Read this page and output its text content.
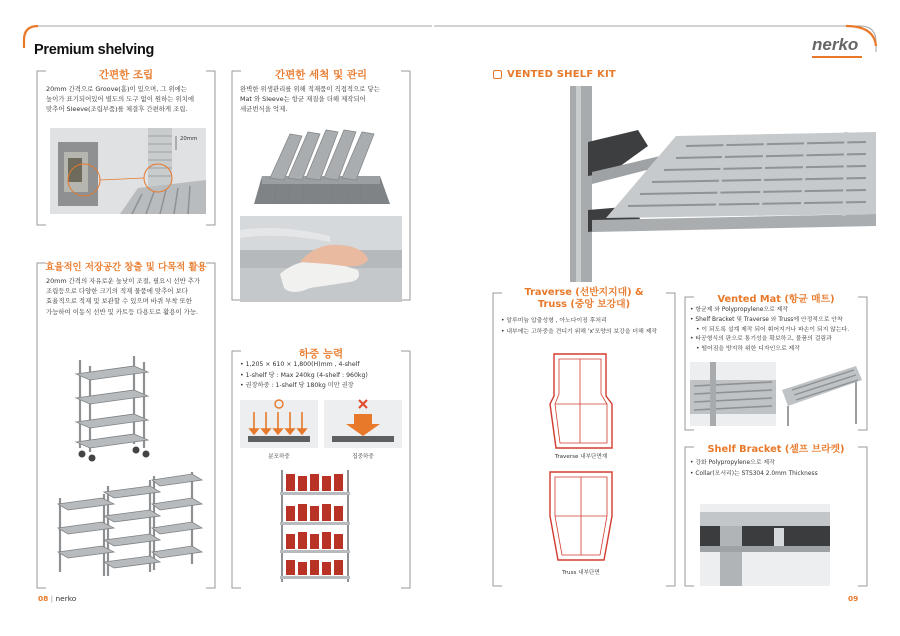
Premium shelving	nerko
간편한 조립
20mm 간격으로 Groove(홈)이 있으며, 그 위에는
높이가 표기되어있어 별도의 도구 없이 원하는 위치에
맞추어 Sleeve(조립부품)를 체결후 간편하게 조립.
20mm
간편한 세척 및 관리
완벽한 위생관리를 위해 적재품이 직접적으로 닿는
Mat 와 Sleeve는 항균 재질을 더해 제작되어
세균번식을 억제.
효율적인 저장공간 창출 및 다목적 활용
20mm 간격의 자유로운 높낮이 조절, 필요시 선반 추가
조립등으로 다양한 크기의 적재 물품에 맞추어 보다
효율적으로 적재 및 보관할 수 있으며 바퀴 부착 또한
가능하여 이동식 선반 및 카트등 다용도로 활용이 가능.
하중 능력
• 1,205 × 610 × 1,800(H)mm , 4-shelf
• 1-shelf 당 : Max 240kg (4-shelf : 960kg)
• 권장하중 : 1-shelf 당 180kg 미만 권장
분포하중	집중하중
08 | nerko
VENTED SHELF KIT
Traverse (선반지지대) &
Truss (중앙 보강대)
• 알루미늄 압출성형 , 아노다이징 후처리
• 내부에는 고하중을 견디기 위해 'x'모양의 보강을 더해 제작
Traverse 내부단면재
Truss 내부단면
Vented Mat (항균 매트)
• 항균제 와 Polypropylene으로 제작
• Shelf Bracket 및 Traverse 와 Truss에 안정적으로 안착
• 이 되도록 설계 제작 되어 휘어지거나 파손이 되지 않는다.
• 타공형식의 판으로 통기성을 확보하고, 물품의 걸림과
• 떨어짐을 방지하 위한 디자인으로 제작
Shelf Bracket (셀프 브라켓)
• 강화 Polypropylene으로 제작
• Collar(모서리)는 STS304 2.0mm Thickness
09
